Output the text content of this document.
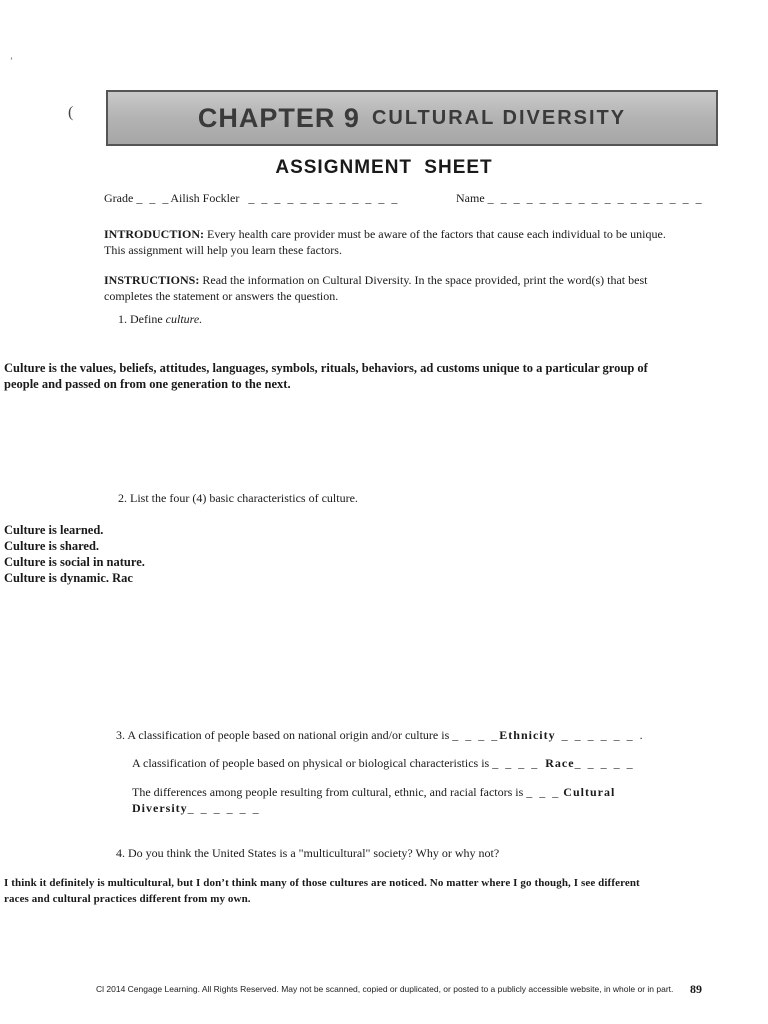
’
(	CHAPTER 9 CULTURAL DIVERSITY
ASSIGNMENT SHEET
Grade _ _ _Ailish Fockler _ _ _ _ _ _ _ _ _ _ _ _	Name _ _ _ _ _ _ _ _ _ _ _ _ _ _ _ _ _
INTRODUCTION: Every health care provider must be aware of the factors that cause each individual to be unique.
This assignment will help you learn these factors.
INSTRUCTIONS: Read the information on Cultural Diversity. In the space provided, print the word(s) that best
completes the statement or answers the question.
1. Define culture.
Culture is the values, beliefs, attitudes, languages, symbols, rituals, behaviors, ad customs unique to a particular group of
people and passed on from one generation to the next.
2. List the four (4) basic characteristics of culture.
Culture is learned.
Culture is shared.
Culture is social in nature.
Culture is dynamic. Rac
3. A classification of people based on national origin and/or culture is _ _ _ _Ethnicity _ _ _ _ _ _ .
A classification of people based on physical or biological characteristics is _ _ _ _ Race_ _ _ _ _
The differences among people resulting from cultural, ethnic, and racial factors is _ _ _ Cultural
Diversity_ _ _ _ _ _
4. Do you think the United States is a "multicultural" society? Why or why not?
I think it definitely is multicultural, but I don’t think many of those cultures are noticed. No matter where I go though, I see different
races and cultural practices different from my own.
Cl 2014 Cengage Learning. All Rights Reserved. May not be scanned, copied or duplicated, or posted to a publicly accessible website, in whole or in part. 89
